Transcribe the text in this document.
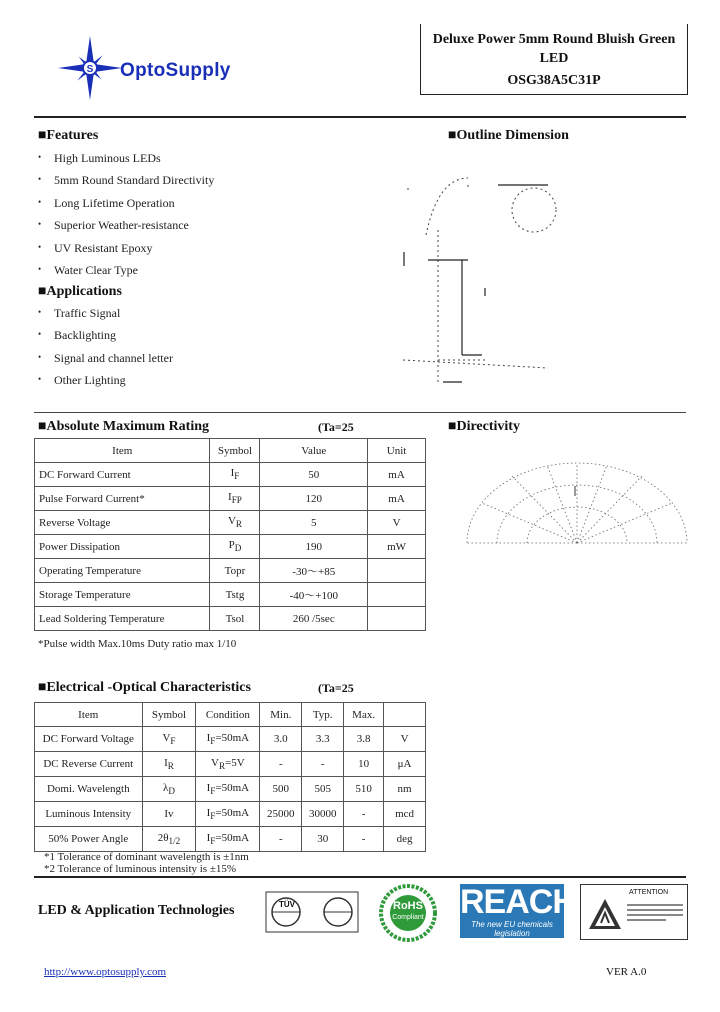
S OptoSupply
Deluxe Power 5mm Round Bluish Green
LED
OSG38A5C31P
■Features
• High Luminous LEDs
• 5mm Round Standard Directivity
• Long Lifetime Operation
• Superior Weather-resistance
• UV Resistant Epoxy
• Water Clear Type
■Applications
• Traffic Signal
• Backlighting
• Signal and channel letter
• Other Lighting
■Outline Dimension
■Absolute Maximum Rating	(Ta=25
Item	Symbol	Value	Unit
DC Forward Current	$I_F$	50	mA
Pulse Forward Current*	$I_{FP}$	120	mA
Reverse Voltage	$V_R$	5	V
Power Dissipation	$P_D$	190	mW
Operating Temperature	Topr	-30～+85	
Storage Temperature	Tstg	-40～+100	
Lead Soldering Temperature	Tsol	260 /5sec	
*Pulse width Max.10ms Duty ratio max 1/10
■Directivity
■Electrical -Optical Characteristics	(Ta=25
Item	Symbol	Condition	Min.	Typ.	Max.	
DC Forward Voltage	$V_F$	$I_F=50mA$	3.0	3.3	3.8	V
DC Reverse Current	$I_R$	$V_R=5V$	-	-	10	μA
Domi. Wavelength	$\lambda_D$	$I_F=50mA$	500	505	510	nm
Luminous Intensity	Iv	$I_F=50mA$	25000	30000	-	mcd
50% Power Angle	$2\theta_{1/2}$	$I_F=50mA$	-	30	-	deg
*1 Tolerance of dominant wavelength is ±1nm
*2 Tolerance of luminous intensity is ±15%
LED & Application Technologies	TÜV	RoHS
Compliant	REACH
The new EU chemicals legislation
ATTENTION
http://www.optosupply.com	VER A.0
